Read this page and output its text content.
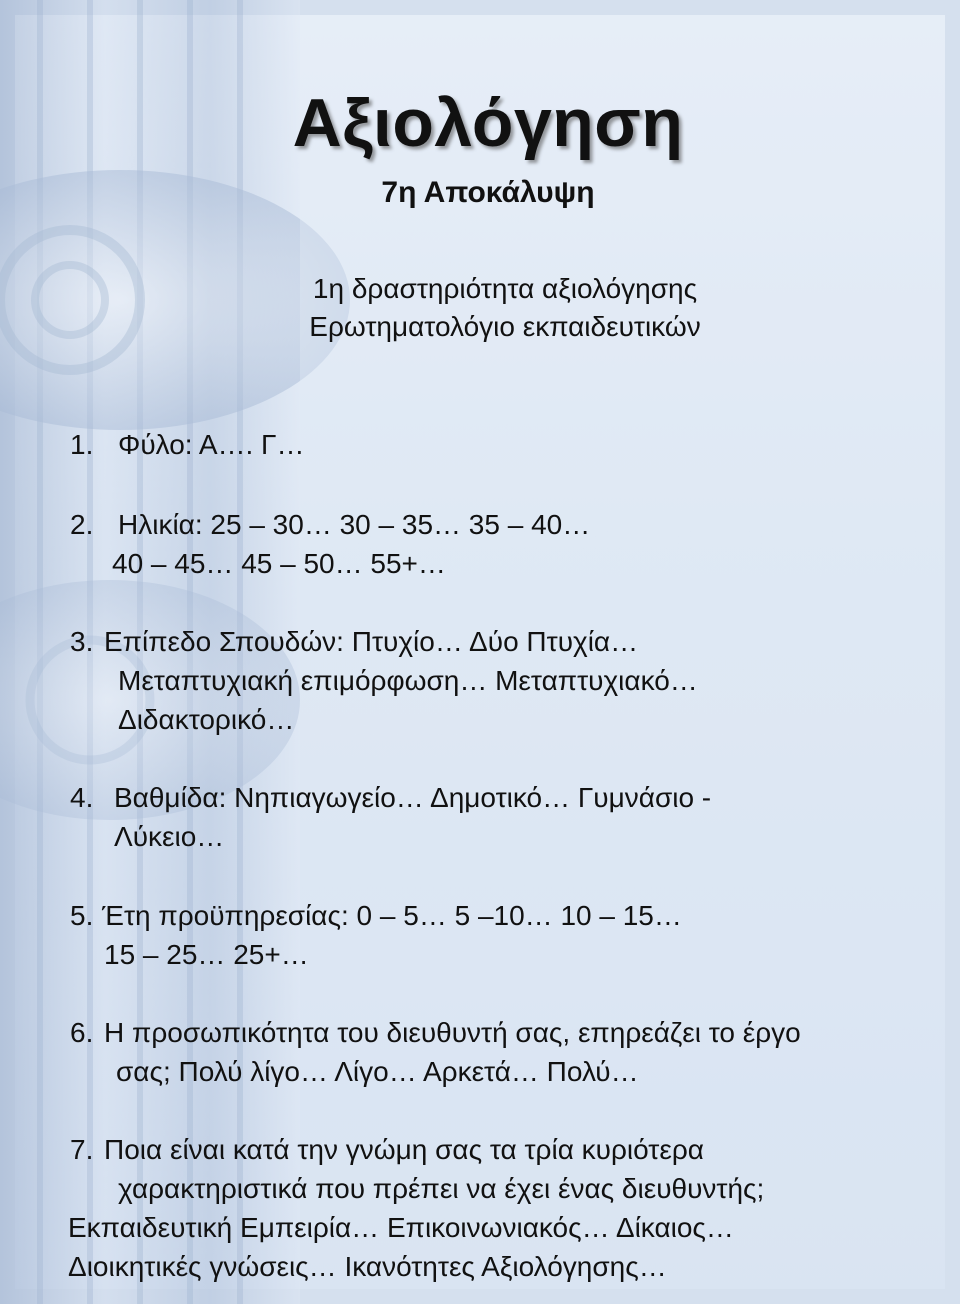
Αξιολόγηση
7η Αποκάλυψη
1η δραστηριότητα αξιολόγησης
Ερωτηματολόγιο εκπαιδευτικών
1. Φύλο: Α…. Γ…
2. Ηλικία: 25 – 30… 30 – 35… 35 – 40…
40 – 45… 45 – 50… 55+…
3. Επίπεδο Σπουδών: Πτυχίο… Δύο Πτυχία…
Μεταπτυχιακή επιμόρφωση… Μεταπτυχιακό…
Διδακτορικό…
4. Βαθμίδα: Νηπιαγωγείο… Δημοτικό… Γυμνάσιο -
Λύκειο…
5. Έτη προϋπηρεσίας: 0 – 5… 5 –10… 10 – 15…
15 – 25… 25+…
6. Η προσωπικότητα του διευθυντή σας, επηρεάζει το έργο
σας; Πολύ λίγο… Λίγο… Αρκετά… Πολύ…
7. Ποια είναι κατά την γνώμη σας τα τρία κυριότερα
χαρακτηριστικά που πρέπει να έχει ένας διευθυντής;
Εκπαιδευτική Εμπειρία… Επικοινωνιακός… Δίκαιος…
Διοικητικές γνώσεις… Ικανότητες Αξιολόγησης…
